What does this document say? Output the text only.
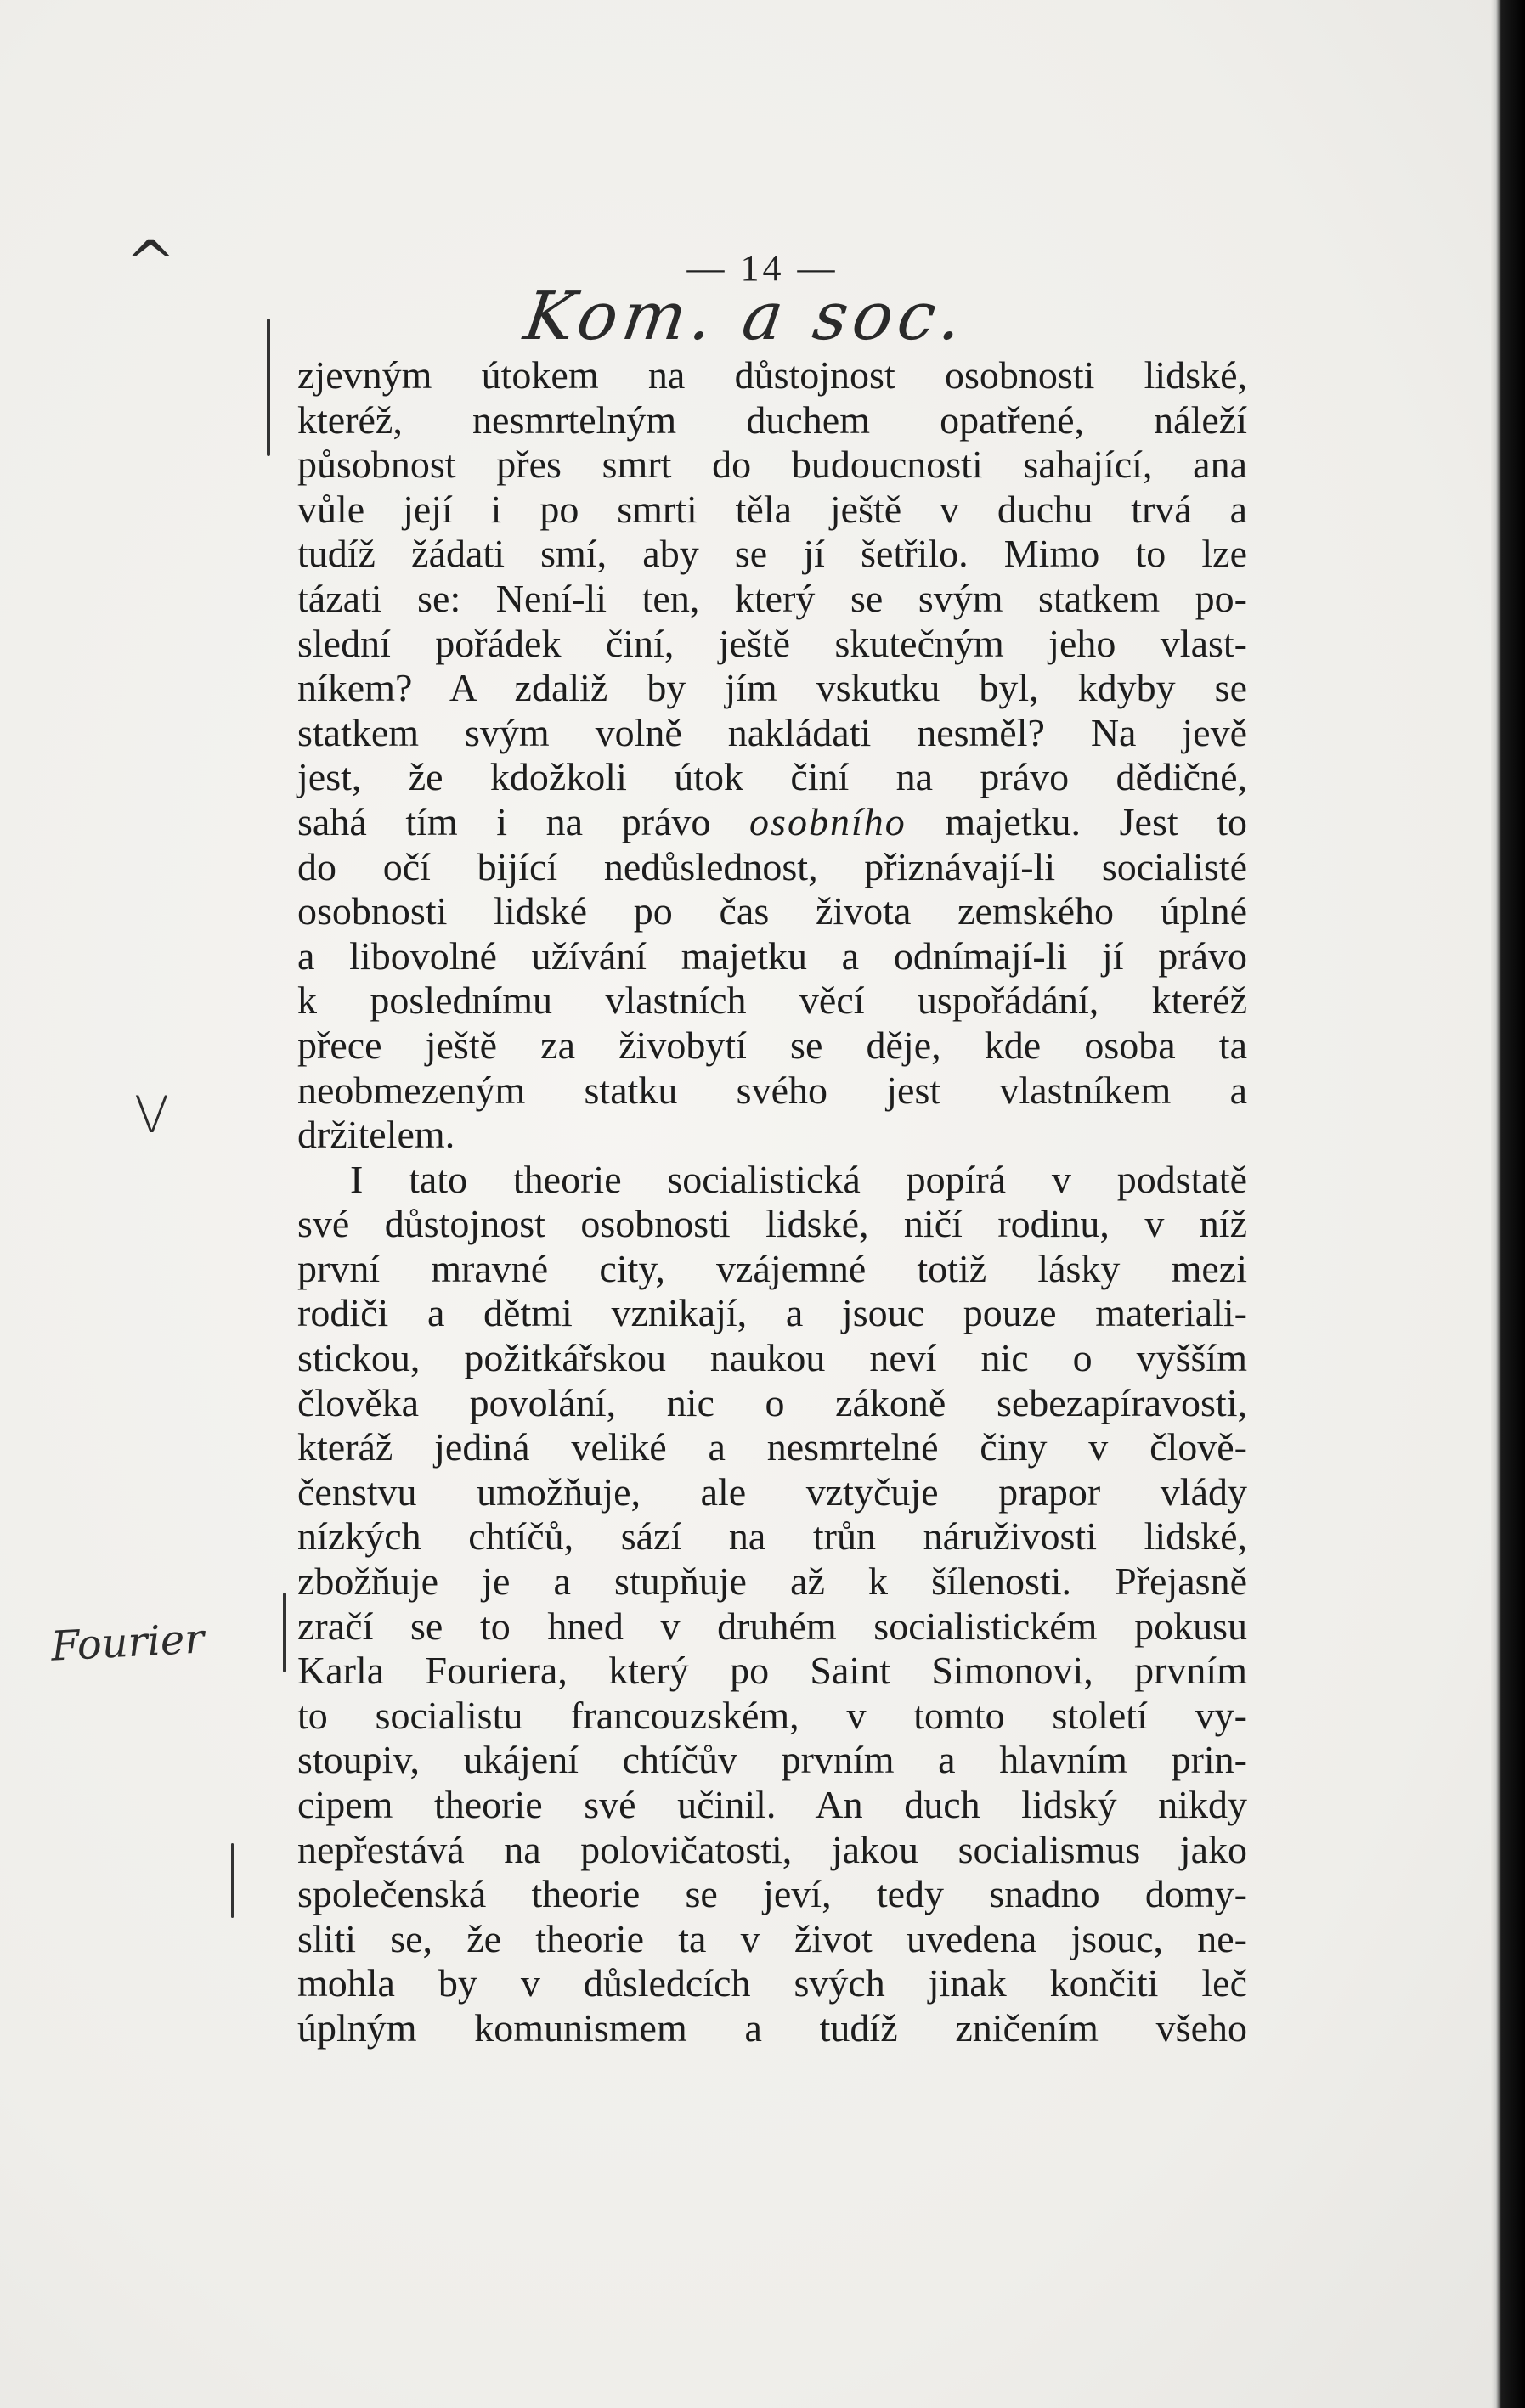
— 14 —
Kom. a soc.
^
V
Fourier
zjevným útokem na důstojnost osobnosti lidské,
kteréž, nesmrtelným duchem opatřené, náleží
působnost přes smrt do budoucnosti sahající, ana
vůle její i po smrti těla ještě v duchu trvá a
tudíž žádati smí, aby se jí šetřilo. Mimo to lze
tázati se: Není-li ten, který se svým statkem po-
slední pořádek činí, ještě skutečným jeho vlast-
níkem? A zdaliž by jím vskutku byl, kdyby se
statkem svým volně nakládati nesměl? Na jevě
jest, že kdožkoli útok činí na právo dědičné,
sahá tím i na právo osobního majetku. Jest to
do očí bijící nedůslednost, přiznávají-li socialisté
osobnosti lidské po čas života zemského úplné
a libovolné užívání majetku a odnímají-li jí právo
k poslednímu vlastních věcí uspořádání, kteréž
přece ještě za živobytí se děje, kde osoba ta
neobmezeným statku svého jest vlastníkem a
držitelem.
I tato theorie socialistická popírá v podstatě
své důstojnost osobnosti lidské, ničí rodinu, v níž
první mravné city, vzájemné totiž lásky mezi
rodiči a dětmi vznikají, a jsouc pouze materiali-
stickou, požitkářskou naukou neví nic o vyšším
člověka povolání, nic o zákoně sebezapíravosti,
kteráž jediná veliké a nesmrtelné činy v člově-
čenstvu umožňuje, ale vztyčuje prapor vlády
nízkých chtíčů, sází na trůn náruživosti lidské,
zbožňuje je a stupňuje až k šílenosti. Přejasně
zračí se to hned v druhém socialistickém pokusu
Karla Fouriera, který po Saint Simonovi, prvním
to socialistu francouzském, v tomto století vy-
stoupiv, ukájení chtíčův prvním a hlavním prin-
cipem theorie své učinil. An duch lidský nikdy
nepřestává na polovičatosti, jakou socialismus jako
společenská theorie se jeví, tedy snadno domy-
sliti se, že theorie ta v život uvedena jsouc, ne-
mohla by v důsledcích svých jinak končiti leč
úplným komunismem a tudíž zničením všeho
